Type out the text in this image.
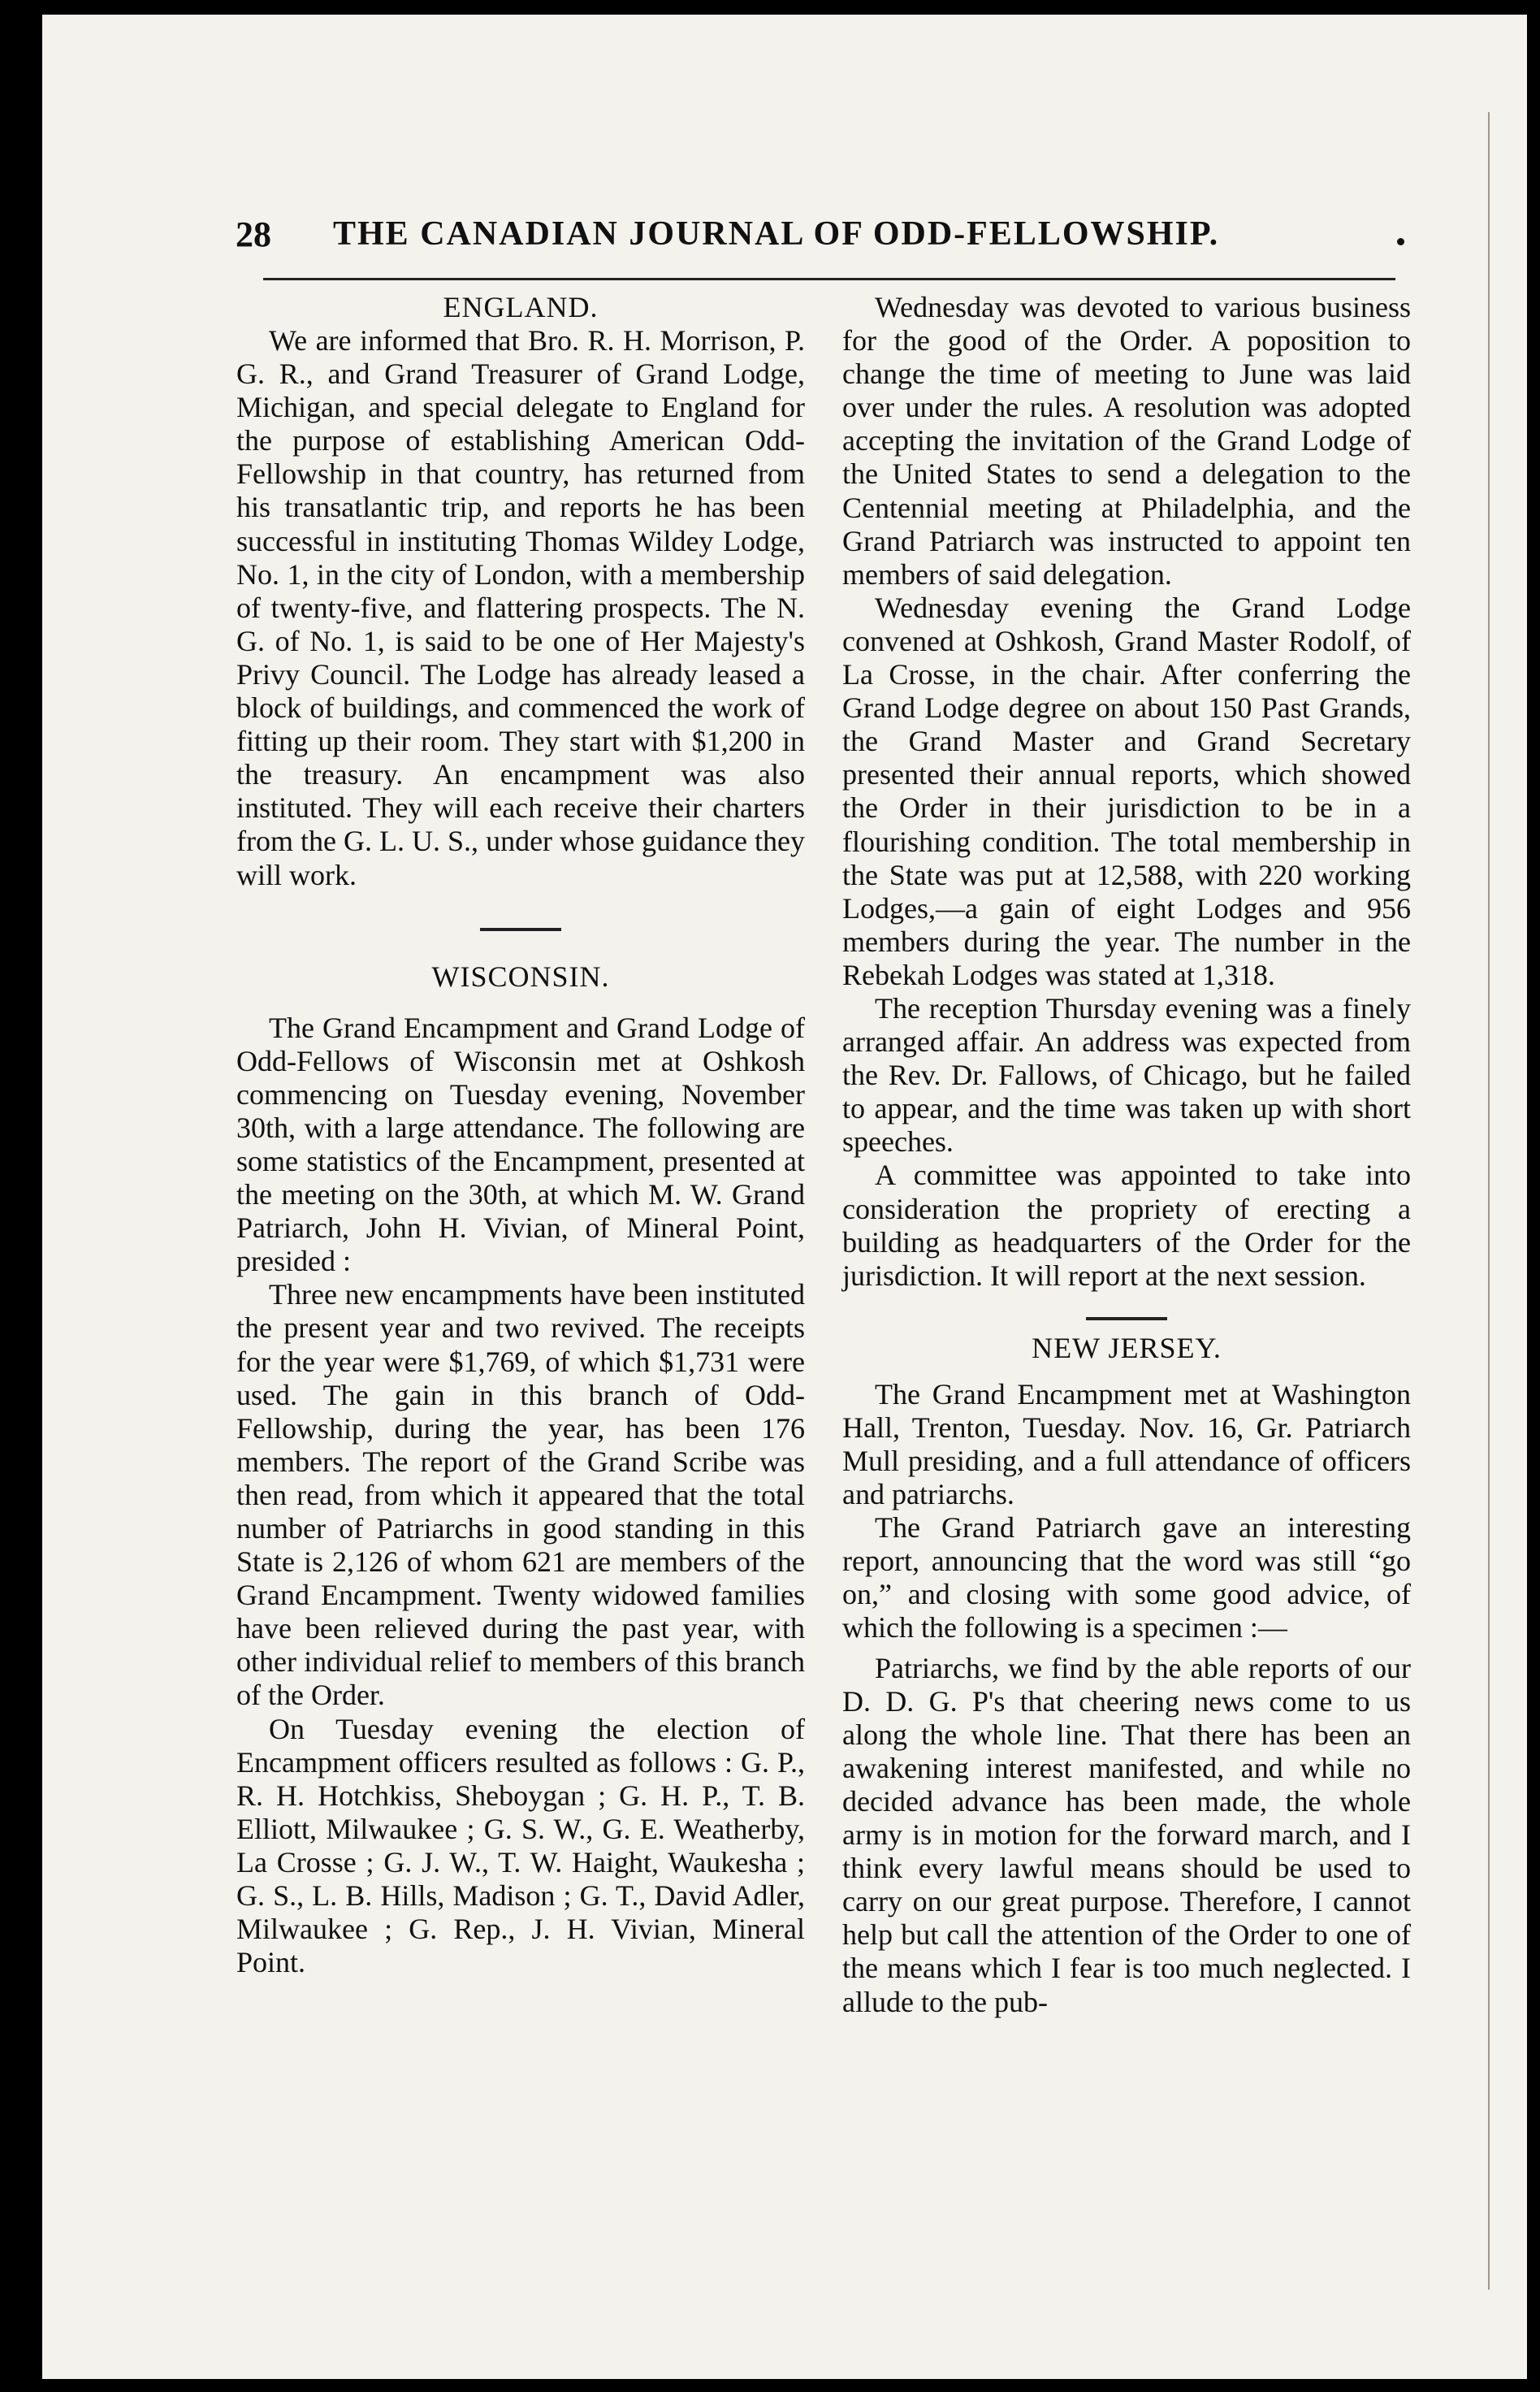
28	THE CANADIAN JOURNAL OF ODD-FELLOWSHIP.
ENGLAND.

We are informed that Bro. R. H. Morrison, P. G. R., and Grand Treasurer of Grand Lodge, Michigan, and special delegate to England for the purpose of establishing American Odd-Fellowship in that country, has returned from his transatlantic trip, and reports he has been successful in instituting Thomas Wildey Lodge, No. 1, in the city of London, with a membership of twenty-five, and flattering prospects. The N. G. of No. 1, is said to be one of Her Majesty's Privy Council. The Lodge has already leased a block of buildings, and commenced the work of fitting up their room. They start with $1,200 in the treasury. An encampment was also instituted. They will each receive their charters from the G. L. U. S., under whose guidance they will work.

WISCONSIN.

The Grand Encampment and Grand Lodge of Odd-Fellows of Wisconsin met at Oshkosh commencing on Tuesday evening, November 30th, with a large attendance. The following are some statistics of the Encampment, presented at the meeting on the 30th, at which M. W. Grand Patriarch, John H. Vivian, of Mineral Point, presided :

Three new encampments have been instituted the present year and two revived. The receipts for the year were $1,769, of which $1,731 were used. The gain in this branch of Odd-Fellowship, during the year, has been 176 members. The report of the Grand Scribe was then read, from which it appeared that the total number of Patriarchs in good standing in this State is 2,126 of whom 621 are members of the Grand Encampment. Twenty widowed families have been relieved during the past year, with other individual relief to members of this branch of the Order.

On Tuesday evening the election of Encampment officers resulted as follows : G. P., R. H. Hotchkiss, Sheboygan ; G. H. P., T. B. Elliott, Milwaukee ; G. S. W., G. E. Weatherby, La Crosse ; G. J. W., T. W. Haight, Waukesha ; G. S., L. B. Hills, Madison ; G. T., David Adler, Milwaukee ; G. Rep., J. H. Vivian, Mineral Point.

Wednesday was devoted to various business for the good of the Order. A poposition to change the time of meeting to June was laid over under the rules. A resolution was adopted accepting the invitation of the Grand Lodge of the United States to send a delegation to the Centennial meeting at Philadelphia, and the Grand Patriarch was instructed to appoint ten members of said delegation.

Wednesday evening the Grand Lodge convened at Oshkosh, Grand Master Rodolf, of La Crosse, in the chair. After conferring the Grand Lodge degree on about 150 Past Grands, the Grand Master and Grand Secretary presented their annual reports, which showed the Order in their jurisdiction to be in a flourishing condition. The total membership in the State was put at 12,588, with 220 working Lodges,—a gain of eight Lodges and 956 members during the year. The number in the Rebekah Lodges was stated at 1,318.

The reception Thursday evening was a finely arranged affair. An address was expected from the Rev. Dr. Fallows, of Chicago, but he failed to appear, and the time was taken up with short speeches.

A committee was appointed to take into consideration the propriety of erecting a building as headquarters of the Order for the jurisdiction. It will report at the next session.

NEW JERSEY.

The Grand Encampment met at Washington Hall, Trenton, Tuesday. Nov. 16, Gr. Patriarch Mull presiding, and a full attendance of officers and patriarchs.

The Grand Patriarch gave an interesting report, announcing that the word was still “go on,” and closing with some good advice, of which the following is a specimen :—

Patriarchs, we find by the able reports of our D. D. G. P's that cheering news come to us along the whole line. That there has been an awakening interest manifested, and while no decided advance has been made, the whole army is in motion for the forward march, and I think every lawful means should be used to carry on our great purpose. Therefore, I cannot help but call the attention of the Order to one of the means which I fear is too much neglected. I allude to the pub-
